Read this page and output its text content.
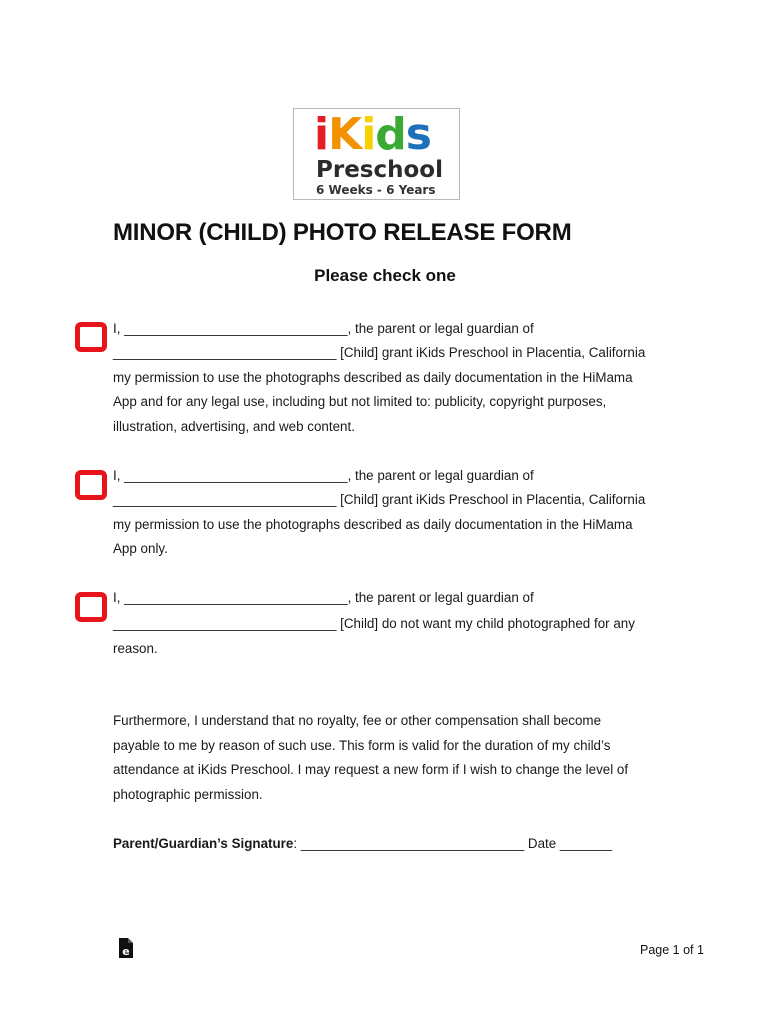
iKids
Preschool
6 Weeks - 6 Years
MINOR (CHILD) PHOTO RELEASE FORM
Please check one
I, ______________________________, the parent or legal guardian of
______________________________ [Child] grant iKids Preschool in Placentia, California
my permission to use the photographs described as daily documentation in the HiMama
App and for any legal use, including but not limited to: publicity, copyright purposes,
illustration, advertising, and web content.
I, ______________________________, the parent or legal guardian of
______________________________ [Child] grant iKids Preschool in Placentia, California
my permission to use the photographs described as daily documentation in the HiMama
App only.
I, ______________________________, the parent or legal guardian of
______________________________ [Child] do not want my child photographed for any
reason.
Furthermore, I understand that no royalty, fee or other compensation shall become
payable to me by reason of such use. This form is valid for the duration of my child’s
attendance at iKids Preschool. I may request a new form if I wish to change the level of
photographic permission.
Parent/Guardian’s Signature: ______________________________ Date _______
e	Page 1 of 1
